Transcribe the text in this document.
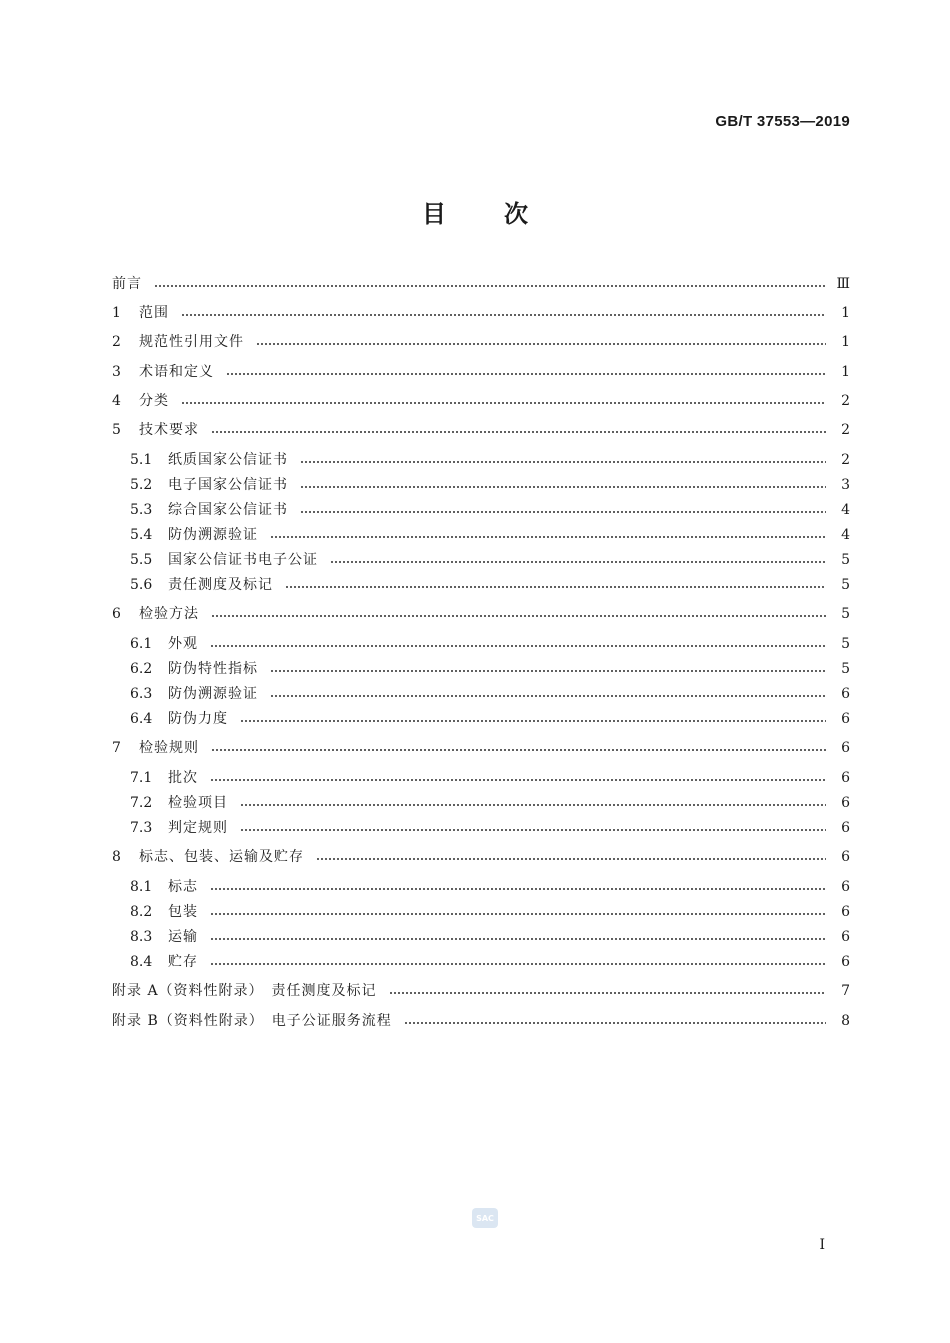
GB/T 37553—2019
目次
前言	Ⅲ
1	范围	1
2	规范性引用文件	1
3	术语和定义	1
4	分类	2
5	技术要求	2
5.1	纸质国家公信证书	2
5.2	电子国家公信证书	3
5.3	综合国家公信证书	4
5.4	防伪溯源验证	4
5.5	国家公信证书电子公证	5
5.6	责任测度及标记	5
6	检验方法	5
6.1	外观	5
6.2	防伪特性指标	5
6.3	防伪溯源验证	6
6.4	防伪力度	6
7	检验规则	6
7.1	批次	6
7.2	检验项目	6
7.3	判定规则	6
8	标志、包装、运输及贮存	6
8.1	标志	6
8.2	包装	6
8.3	运输	6
8.4	贮存	6
附录 A（资料性附录）　责任测度及标记	7
附录 B（资料性附录）　电子公证服务流程	8
SAC
Ⅰ
